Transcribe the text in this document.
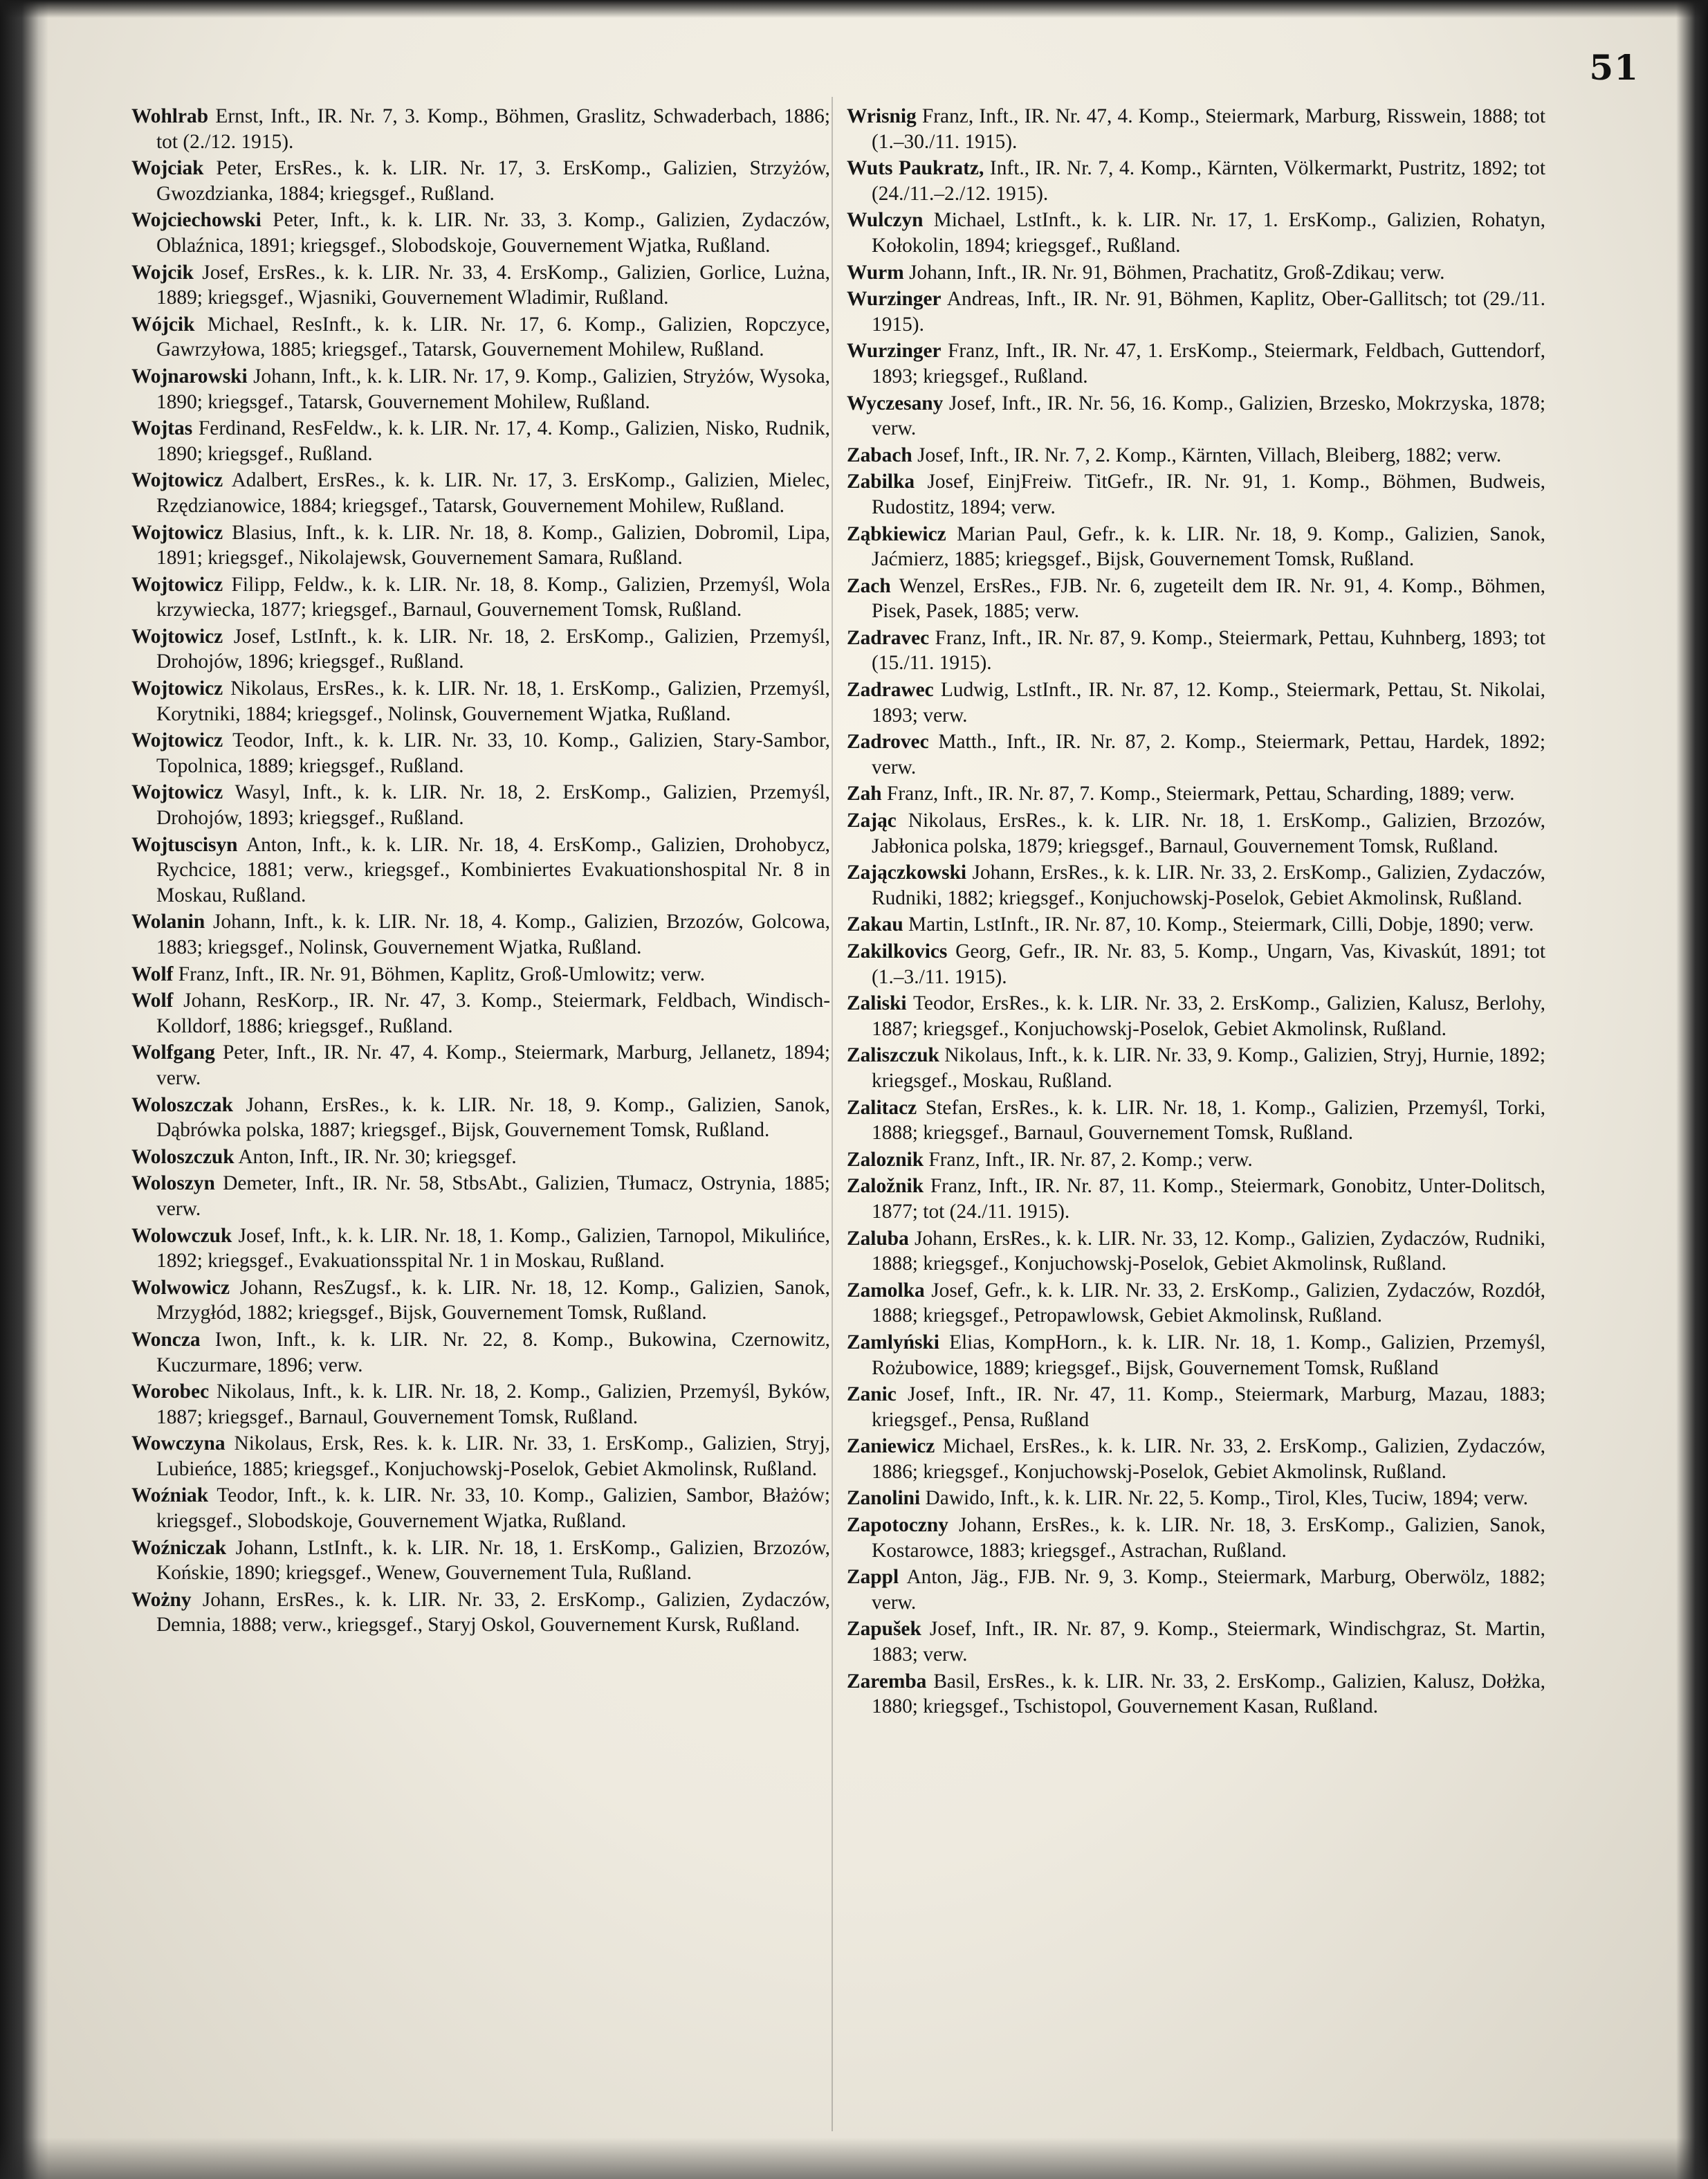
51

Wohlrab Ernst, Inft., IR. Nr. 7, 3. Komp., Böhmen, Graslitz, Schwaderbach, 1886; tot (2./12. 1915).

Wojciak Peter, ErsRes., k. k. LIR. Nr. 17, 3. ErsKomp., Galizien, Strzyżów, Gwozdzianka, 1884; kriegsgef., Rußland.

Wojciechowski Peter, Inft., k. k. LIR. Nr. 33, 3. Komp., Galizien, Zydaczów, Oblaźnica, 1891; kriegsgef., Slobodskoje, Gouvernement Wjatka, Rußland.

Wojcik Josef, ErsRes., k. k. LIR. Nr. 33, 4. ErsKomp., Galizien, Gorlice, Lużna, 1889; kriegsgef., Wjasniki, Gouvernement Wladimir, Rußland.

Wójcik Michael, ResInft., k. k. LIR. Nr. 17, 6. Komp., Galizien, Ropczyce, Gawrzyłowa, 1885; kriegsgef., Tatarsk, Gouvernement Mohilew, Rußland.

Wojnarowski Johann, Inft., k. k. LIR. Nr. 17, 9. Komp., Galizien, Stryżów, Wysoka, 1890; kriegsgef., Tatarsk, Gouvernement Mohilew, Rußland.

Wojtas Ferdinand, ResFeldw., k. k. LIR. Nr. 17, 4. Komp., Galizien, Nisko, Rudnik, 1890; kriegsgef., Rußland.

Wojtowicz Adalbert, ErsRes., k. k. LIR. Nr. 17, 3. ErsKomp., Galizien, Mielec, Rzędzianowice, 1884; kriegsgef., Tatarsk, Gouvernement Mohilew, Rußland.

Wojtowicz Blasius, Inft., k. k. LIR. Nr. 18, 8. Komp., Galizien, Dobromil, Lipa, 1891; kriegsgef., Nikolajewsk, Gouvernement Samara, Rußland.

Wojtowicz Filipp, Feldw., k. k. LIR. Nr. 18, 8. Komp., Galizien, Przemyśl, Wola krzywiecka, 1877; kriegsgef., Barnaul, Gouvernement Tomsk, Rußland.

Wojtowicz Josef, LstInft., k. k. LIR. Nr. 18, 2. ErsKomp., Galizien, Przemyśl, Drohojów, 1896; kriegsgef., Rußland.

Wojtowicz Nikolaus, ErsRes., k. k. LIR. Nr. 18, 1. ErsKomp., Galizien, Przemyśl, Korytniki, 1884; kriegsgef., Nolinsk, Gouvernement Wjatka, Rußland.

Wojtowicz Teodor, Inft., k. k. LIR. Nr. 33, 10. Komp., Galizien, Stary-Sambor, Topolnica, 1889; kriegsgef., Rußland.

Wojtowicz Wasyl, Inft., k. k. LIR. Nr. 18, 2. ErsKomp., Galizien, Przemyśl, Drohojów, 1893; kriegsgef., Rußland.

Wojtuscisyn Anton, Inft., k. k. LIR. Nr. 18, 4. ErsKomp., Galizien, Drohobycz, Rychcice, 1881; verw., kriegsgef., Kombiniertes Evakuationshospital Nr. 8 in Moskau, Rußland.

Wolanin Johann, Inft., k. k. LIR. Nr. 18, 4. Komp., Galizien, Brzozów, Golcowa, 1883; kriegsgef., Nolinsk, Gouvernement Wjatka, Rußland.

Wolf Franz, Inft., IR. Nr. 91, Böhmen, Kaplitz, Groß-Umlowitz; verw.

Wolf Johann, ResKorp., IR. Nr. 47, 3. Komp., Steiermark, Feldbach, Windisch-Kolldorf, 1886; kriegsgef., Rußland.

Wolfgang Peter, Inft., IR. Nr. 47, 4. Komp., Steiermark, Marburg, Jellanetz, 1894; verw.

Woloszczak Johann, ErsRes., k. k. LIR. Nr. 18, 9. Komp., Galizien, Sanok, Dąbrówka polska, 1887; kriegsgef., Bijsk, Gouvernement Tomsk, Rußland.

Woloszczuk Anton, Inft., IR. Nr. 30; kriegsgef.

Woloszyn Demeter, Inft., IR. Nr. 58, StbsAbt., Galizien, Tłumacz, Ostrynia, 1885; verw.

Wolowczuk Josef, Inft., k. k. LIR. Nr. 18, 1. Komp., Galizien, Tarnopol, Mikulińce, 1892; kriegsgef., Evakuationsspital Nr. 1 in Moskau, Rußland.

Wolwowicz Johann, ResZugsf., k. k. LIR. Nr. 18, 12. Komp., Galizien, Sanok, Mrzygłód, 1882; kriegsgef., Bijsk, Gouvernement Tomsk, Rußland.

Woncza Iwon, Inft., k. k. LIR. Nr. 22, 8. Komp., Bukowina, Czernowitz, Kuczurmare, 1896; verw.

Worobec Nikolaus, Inft., k. k. LIR. Nr. 18, 2. Komp., Galizien, Przemyśl, Byków, 1887; kriegsgef., Barnaul, Gouvernement Tomsk, Rußland.

Wowczyna Nikolaus, Ersk, Res. k. k. LIR. Nr. 33, 1. ErsKomp., Galizien, Stryj, Lubieńce, 1885; kriegsgef., Konjuchowskj-Poselok, Gebiet Akmolinsk, Rußland.

Woźniak Teodor, Inft., k. k. LIR. Nr. 33, 10. Komp., Galizien, Sambor, Błażów; kriegsgef., Slobodskoje, Gouvernement Wjatka, Rußland.

Woźniczak Johann, LstInft., k. k. LIR. Nr. 18, 1. ErsKomp., Galizien, Brzozów, Końskie, 1890; kriegsgef., Wenew, Gouvernement Tula, Rußland.

Wożny Johann, ErsRes., k. k. LIR. Nr. 33, 2. ErsKomp., Galizien, Zydaczów, Demnia, 1888; verw., kriegsgef., Staryj Oskol, Gouvernement Kursk, Rußland.

Wrisnig Franz, Inft., IR. Nr. 47, 4. Komp., Steiermark, Marburg, Risswein, 1888; tot (1.–30./11. 1915).

Wuts Paukratz, Inft., IR. Nr. 7, 4. Komp., Kärnten, Völkermarkt, Pustritz, 1892; tot (24./11.–2./12. 1915).

Wulczyn Michael, LstInft., k. k. LIR. Nr. 17, 1. ErsKomp., Galizien, Rohatyn, Kołokolin, 1894; kriegsgef., Rußland.

Wurm Johann, Inft., IR. Nr. 91, Böhmen, Prachatitz, Groß-Zdikau; verw.

Wurzinger Andreas, Inft., IR. Nr. 91, Böhmen, Kaplitz, Ober-Gallitsch; tot (29./11. 1915).

Wurzinger Franz, Inft., IR. Nr. 47, 1. ErsKomp., Steiermark, Feldbach, Guttendorf, 1893; kriegsgef., Rußland.

Wyczesany Josef, Inft., IR. Nr. 56, 16. Komp., Galizien, Brzesko, Mokrzyska, 1878; verw.

Zabach Josef, Inft., IR. Nr. 7, 2. Komp., Kärnten, Villach, Bleiberg, 1882; verw.

Zabilka Josef, EinjFreiw. TitGefr., IR. Nr. 91, 1. Komp., Böhmen, Budweis, Rudostitz, 1894; verw.

Ząbkiewicz Marian Paul, Gefr., k. k. LIR. Nr. 18, 9. Komp., Galizien, Sanok, Jaćmierz, 1885; kriegsgef., Bijsk, Gouvernement Tomsk, Rußland.

Zach Wenzel, ErsRes., FJB. Nr. 6, zugeteilt dem IR. Nr. 91, 4. Komp., Böhmen, Pisek, Pasek, 1885; verw.

Zadravec Franz, Inft., IR. Nr. 87, 9. Komp., Steiermark, Pettau, Kuhnberg, 1893; tot (15./11. 1915).

Zadrawec Ludwig, LstInft., IR. Nr. 87, 12. Komp., Steiermark, Pettau, St. Nikolai, 1893; verw.

Zadrovec Matth., Inft., IR. Nr. 87, 2. Komp., Steiermark, Pettau, Hardek, 1892; verw.

Zah Franz, Inft., IR. Nr. 87, 7. Komp., Steiermark, Pettau, Scharding, 1889; verw.

Zając Nikolaus, ErsRes., k. k. LIR. Nr. 18, 1. ErsKomp., Galizien, Brzozów, Jabłonica polska, 1879; kriegsgef., Barnaul, Gouvernement Tomsk, Rußland.

Zajączkowski Johann, ErsRes., k. k. LIR. Nr. 33, 2. ErsKomp., Galizien, Zydaczów, Rudniki, 1882; kriegsgef., Konjuchowskj-Poselok, Gebiet Akmolinsk, Rußland.

Zakau Martin, LstInft., IR. Nr. 87, 10. Komp., Steiermark, Cilli, Dobje, 1890; verw.

Zakilkovics Georg, Gefr., IR. Nr. 83, 5. Komp., Ungarn, Vas, Kivaskút, 1891; tot (1.–3./11. 1915).

Zaliski Teodor, ErsRes., k. k. LIR. Nr. 33, 2. ErsKomp., Galizien, Kalusz, Berlohy, 1887; kriegsgef., Konjuchowskj-Poselok, Gebiet Akmolinsk, Rußland.

Zaliszczuk Nikolaus, Inft., k. k. LIR. Nr. 33, 9. Komp., Galizien, Stryj, Hurnie, 1892; kriegsgef., Moskau, Rußland.

Zalitacz Stefan, ErsRes., k. k. LIR. Nr. 18, 1. Komp., Galizien, Przemyśl, Torki, 1888; kriegsgef., Barnaul, Gouvernement Tomsk, Rußland.

Zaloznik Franz, Inft., IR. Nr. 87, 2. Komp.; verw.

Založnik Franz, Inft., IR. Nr. 87, 11. Komp., Steiermark, Gonobitz, Unter-Dolitsch, 1877; tot (24./11. 1915).

Zaluba Johann, ErsRes., k. k. LIR. Nr. 33, 12. Komp., Galizien, Zydaczów, Rudniki, 1888; kriegsgef., Konjuchowskj-Poselok, Gebiet Akmolinsk, Rußland.

Zamolka Josef, Gefr., k. k. LIR. Nr. 33, 2. ErsKomp., Galizien, Zydaczów, Rozdół, 1888; kriegsgef., Petropawlowsk, Gebiet Akmolinsk, Rußland.

Zamlyński Elias, KompHorn., k. k. LIR. Nr. 18, 1. Komp., Galizien, Przemyśl, Rożubowice, 1889; kriegsgef., Bijsk, Gouvernement Tomsk, Rußland

Zanic Josef, Inft., IR. Nr. 47, 11. Komp., Steiermark, Marburg, Mazau, 1883; kriegsgef., Pensa, Rußland

Zaniewicz Michael, ErsRes., k. k. LIR. Nr. 33, 2. ErsKomp., Galizien, Zydaczów, 1886; kriegsgef., Konjuchowskj-Poselok, Gebiet Akmolinsk, Rußland.

Zanolini Dawido, Inft., k. k. LIR. Nr. 22, 5. Komp., Tirol, Kles, Tuciw, 1894; verw.

Zapotoczny Johann, ErsRes., k. k. LIR. Nr. 18, 3. ErsKomp., Galizien, Sanok, Kostarowce, 1883; kriegsgef., Astrachan, Rußland.

Zappl Anton, Jäg., FJB. Nr. 9, 3. Komp., Steiermark, Marburg, Oberwölz, 1882; verw.

Zapušek Josef, Inft., IR. Nr. 87, 9. Komp., Steiermark, Windischgraz, St. Martin, 1883; verw.

Zaremba Basil, ErsRes., k. k. LIR. Nr. 33, 2. ErsKomp., Galizien, Kalusz, Dołżka, 1880; kriegsgef., Tschistopol, Gouvernement Kasan, Rußland.
